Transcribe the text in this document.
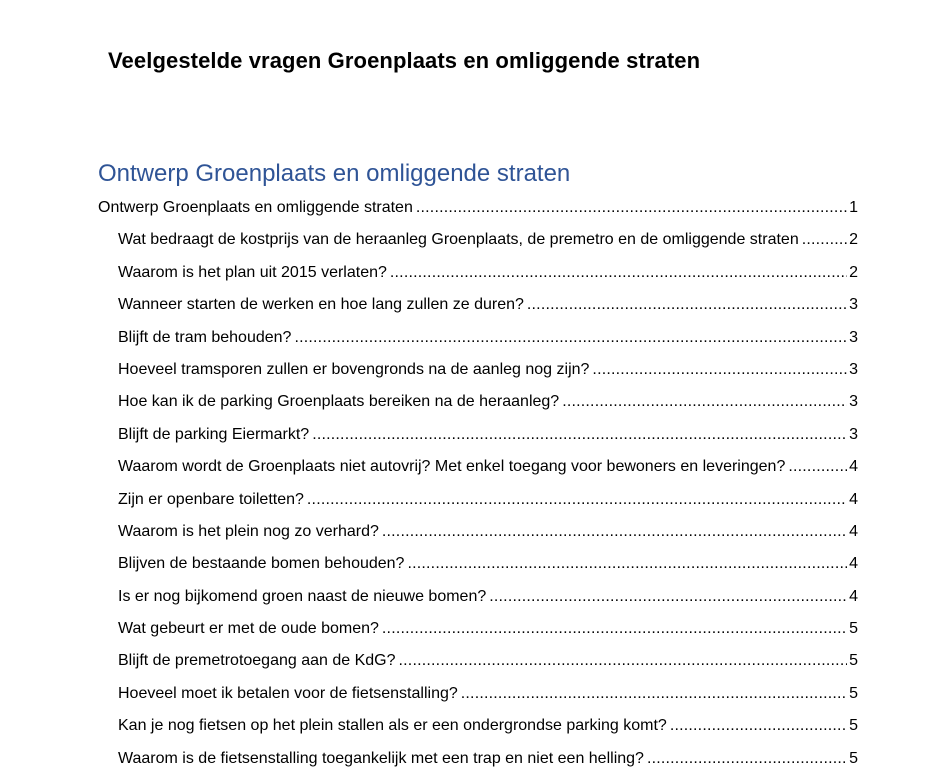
Veelgestelde vragen Groenplaats en omliggende straten
Ontwerp Groenplaats en omliggende straten
Ontwerp Groenplaats en omliggende straten .....	1
Wat bedraagt de kostprijs van de heraanleg Groenplaats, de premetro en de omliggende straten .....	2
Waarom is het plan uit 2015 verlaten? .....	2
Wanneer starten de werken en hoe lang zullen ze duren? .....	3
Blijft de tram behouden? .....	3
Hoeveel tramsporen zullen er bovengronds na de aanleg nog zijn? .....	3
Hoe kan ik de parking Groenplaats bereiken na de heraanleg? .....	3
Blijft de parking Eiermarkt? .....	3
Waarom wordt de Groenplaats niet autovrij? Met enkel toegang voor bewoners en leveringen? .....	4
Zijn er openbare toiletten? .....	4
Waarom is het plein nog zo verhard? .....	4
Blijven de bestaande bomen behouden? .....	4
Is er nog bijkomend groen naast de nieuwe bomen? .....	4
Wat gebeurt er met de oude bomen? .....	5
Blijft de premetrotoegang aan de KdG? .....	5
Hoeveel moet ik betalen voor de fietsenstalling? .....	5
Kan je nog fietsen op het plein stallen als er een ondergrondse parking komt? .....	5
Waarom is de fietsenstalling toegankelijk met een trap en niet een helling? .....	5
